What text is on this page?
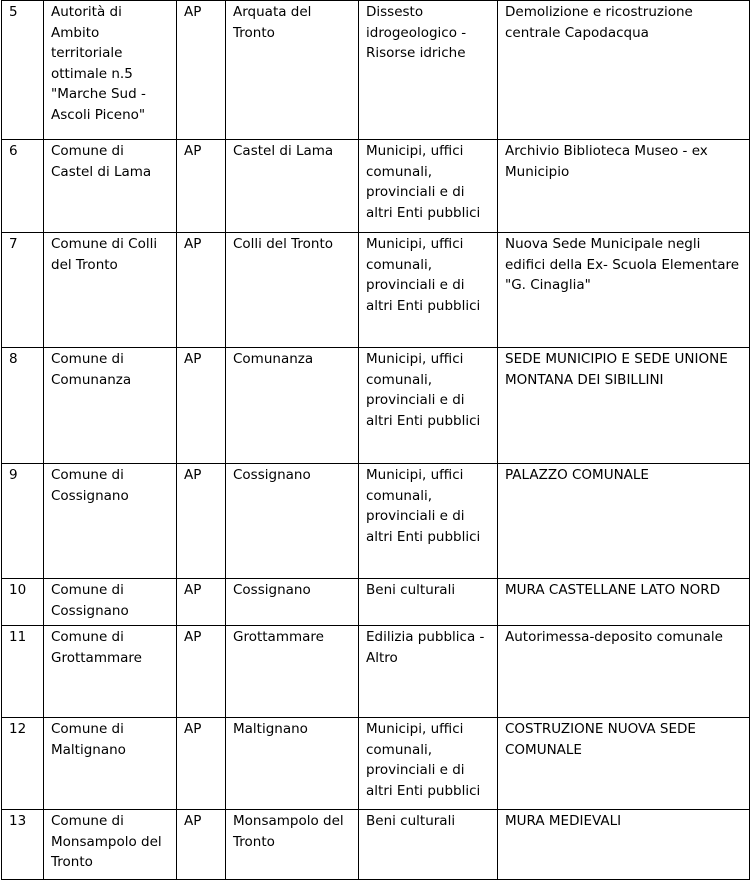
5	Autorità di Ambito territoriale ottimale n.5 "Marche Sud - Ascoli Piceno"	AP	Arquata del Tronto	Dissesto idrogeologico - Risorse idriche	Demolizione e ricostruzione centrale Capodacqua
6	Comune di Castel di Lama	AP	Castel di Lama	Municipi, uffici comunali, provinciali e di altri Enti pubblici	Archivio Biblioteca Museo - ex Municipio
7	Comune di Colli del Tronto	AP	Colli del Tronto	Municipi, uffici comunali, provinciali e di altri Enti pubblici	Nuova Sede Municipale negli edifici della Ex- Scuola Elementare "G. Cinaglia"
8	Comune di Comunanza	AP	Comunanza	Municipi, uffici comunali, provinciali e di altri Enti pubblici	SEDE MUNICIPIO E SEDE UNIONE MONTANA DEI SIBILLINI
9	Comune di Cossignano	AP	Cossignano	Municipi, uffici comunali, provinciali e di altri Enti pubblici	PALAZZO COMUNALE
10	Comune di Cossignano	AP	Cossignano	Beni culturali	MURA CASTELLANE LATO NORD
11	Comune di Grottammare	AP	Grottammare	Edilizia pubblica - Altro	Autorimessa-deposito comunale
12	Comune di Maltignano	AP	Maltignano	Municipi, uffici comunali, provinciali e di altri Enti pubblici	COSTRUZIONE NUOVA SEDE COMUNALE
13	Comune di Monsampolo del Tronto	AP	Monsampolo del Tronto	Beni culturali	MURA MEDIEVALI
